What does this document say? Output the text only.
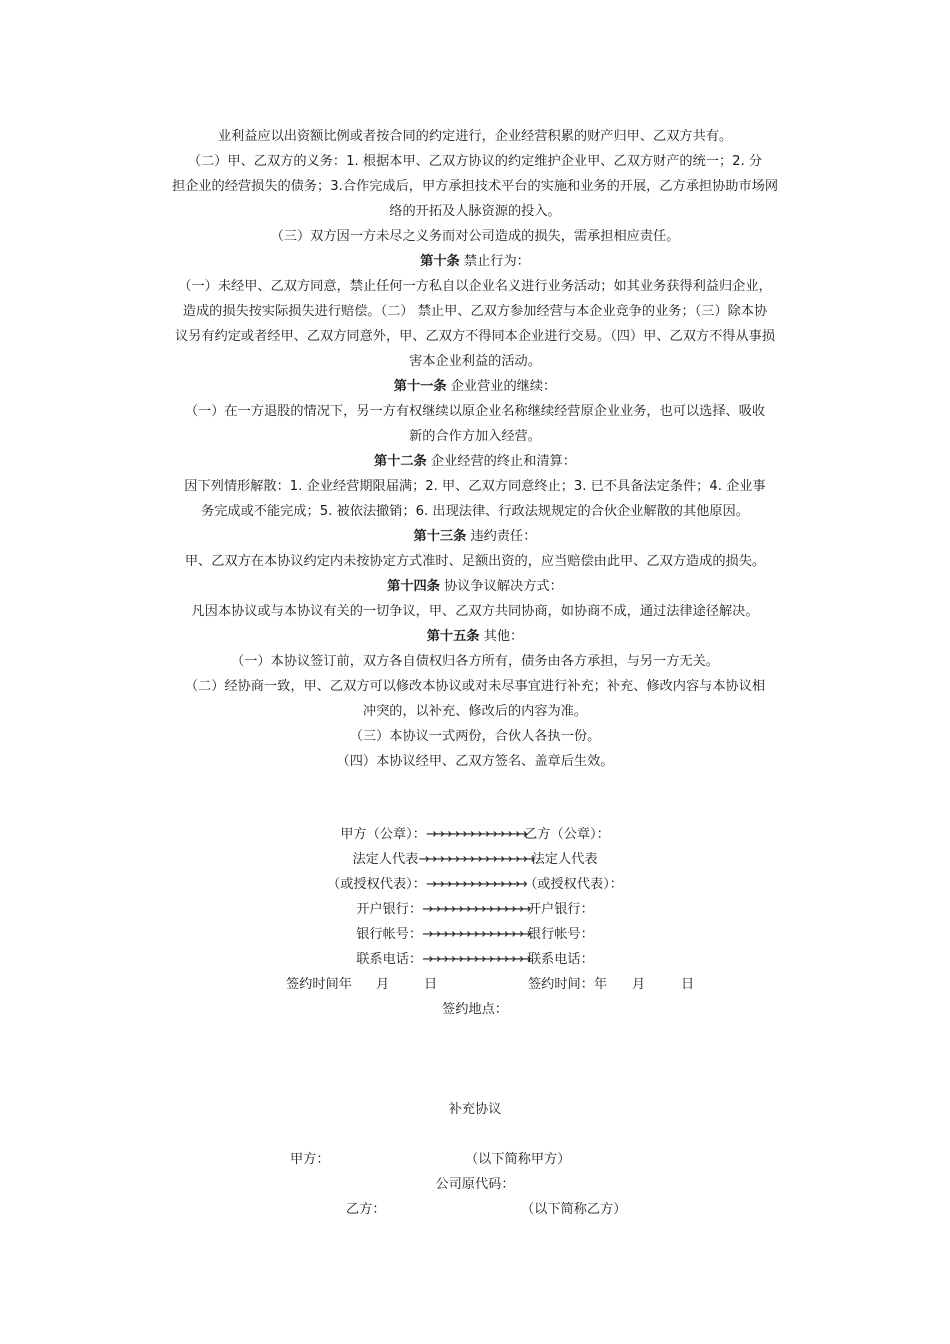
业利益应以出资额比例或者按合同的约定进行，企业经营积累的财产归甲、乙双方共有。
（二）甲、乙双方的义务：1. 根据本甲、乙双方协议的约定维护企业甲、乙双方财产的统一；2. 分
担企业的经营损失的债务；3.合作完成后，甲方承担技术平台的实施和业务的开展，乙方承担协助市场网
络的开拓及人脉资源的投入。
（三）双方因一方未尽之义务而对公司造成的损失，需承担相应责任。
第十条 禁止行为：
（一）未经甲、乙双方同意，禁止任何一方私自以企业名义进行业务活动；如其业务获得利益归企业，
造成的损失按实际损失进行赔偿。（二） 禁止甲、乙双方参加经营与本企业竞争的业务；（三）除本协
议另有约定或者经甲、乙双方同意外，甲、乙双方不得同本企业进行交易。（四）甲、乙双方不得从事损
害本企业利益的活动。
第十一条 企业营业的继续：
（一）在一方退股的情况下，另一方有权继续以原企业名称继续经营原企业业务，也可以选择、吸收
新的合作方加入经营。
第十二条 企业经营的终止和清算：
因下列情形解散：1. 企业经营期限届满；2. 甲、乙双方同意终止；3. 已不具备法定条件；4. 企业事
务完成或不能完成；5. 被依法撤销；6. 出现法律、行政法规规定的合伙企业解散的其他原因。
第十三条 违约责任：
甲、乙双方在本协议约定内未按协定方式准时、足额出资的，应当赔偿由此甲、乙双方造成的损失。
第十四条 协议争议解决方式：
凡因本协议或与本协议有关的一切争议，甲、乙双方共同协商，如协商不成，通过法律途径解决。
第十五条 其他：
（一）本协议签订前，双方各自债权归各方所有，债务由各方承担，与另一方无关。
（二）经协商一致，甲、乙双方可以修改本协议或对未尽事宜进行补充；补充、修改内容与本协议相
冲突的，以补充、修改后的内容为准。
（三）本协议一式两份，合伙人各执一份。
（四）本协议经甲、乙双方签名、盖章后生效。
甲方（公章）：→→→→→→→→→→→→→乙方（公章）：
法定人代表→→→→→→→→→→→→→→→法定人代表
（或授权代表）：→→→→→→→→→→→→→（或授权代表）：
开户银行：→→→→→→→→→→→→→→开户银行：
银行帐号：→→→→→→→→→→→→→→银行帐号：
联系电话：→→→→→→→→→→→→→→联系电话：
签约时间年 月	日	签约时间：年 月	日
签约地点：
补充协议
甲方：	（以下简称甲方）
公司原代码：
乙方：	（以下简称乙方）
